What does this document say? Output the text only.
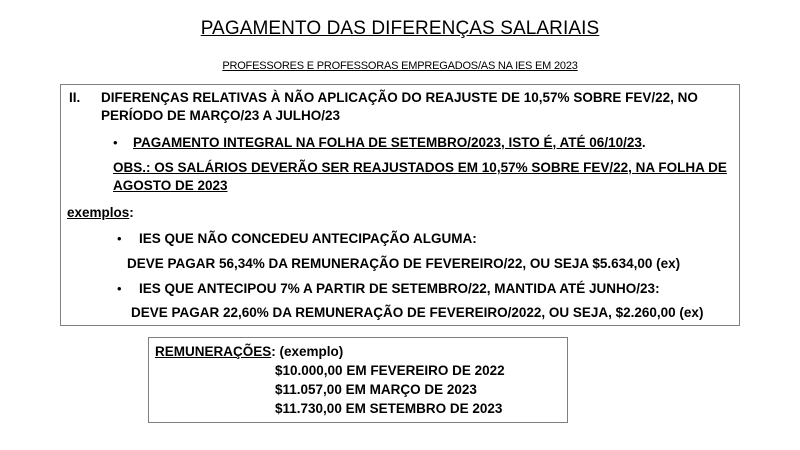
PAGAMENTO DAS DIFERENÇAS SALARIAIS
PROFESSORES E PROFESSORAS EMPREGADOS/AS NA IES EM 2023
II. DIFERENÇAS RELATIVAS À NÃO APLICAÇÃO DO REAJUSTE DE 10,57% SOBRE FEV/22, NO
PERÍODO DE MARÇO/23 A JULHO/23
• PAGAMENTO INTEGRAL NA FOLHA DE SETEMBRO/2023, ISTO É, ATÉ 06/10/23.
OBS.: OS SALÁRIOS DEVERÃO SER REAJUSTADOS EM 10,57% SOBRE FEV/22, NA FOLHA DE
AGOSTO DE 2023
exemplos:
• IES QUE NÃO CONCEDEU ANTECIPAÇÃO ALGUMA:
DEVE PAGAR 56,34% DA REMUNERAÇÃO DE FEVEREIRO/22, OU SEJA $5.634,00 (ex)
• IES QUE ANTECIPOU 7% A PARTIR DE SETEMBRO/22, MANTIDA ATÉ JUNHO/23:
DEVE PAGAR 22,60% DA REMUNERAÇÃO DE FEVEREIRO/2022, OU SEJA, $2.260,00 (ex)
REMUNERAÇÕES: (exemplo)
$10.000,00 EM FEVEREIRO DE 2022
$11.057,00 EM MARÇO DE 2023
$11.730,00 EM SETEMBRO DE 2023
